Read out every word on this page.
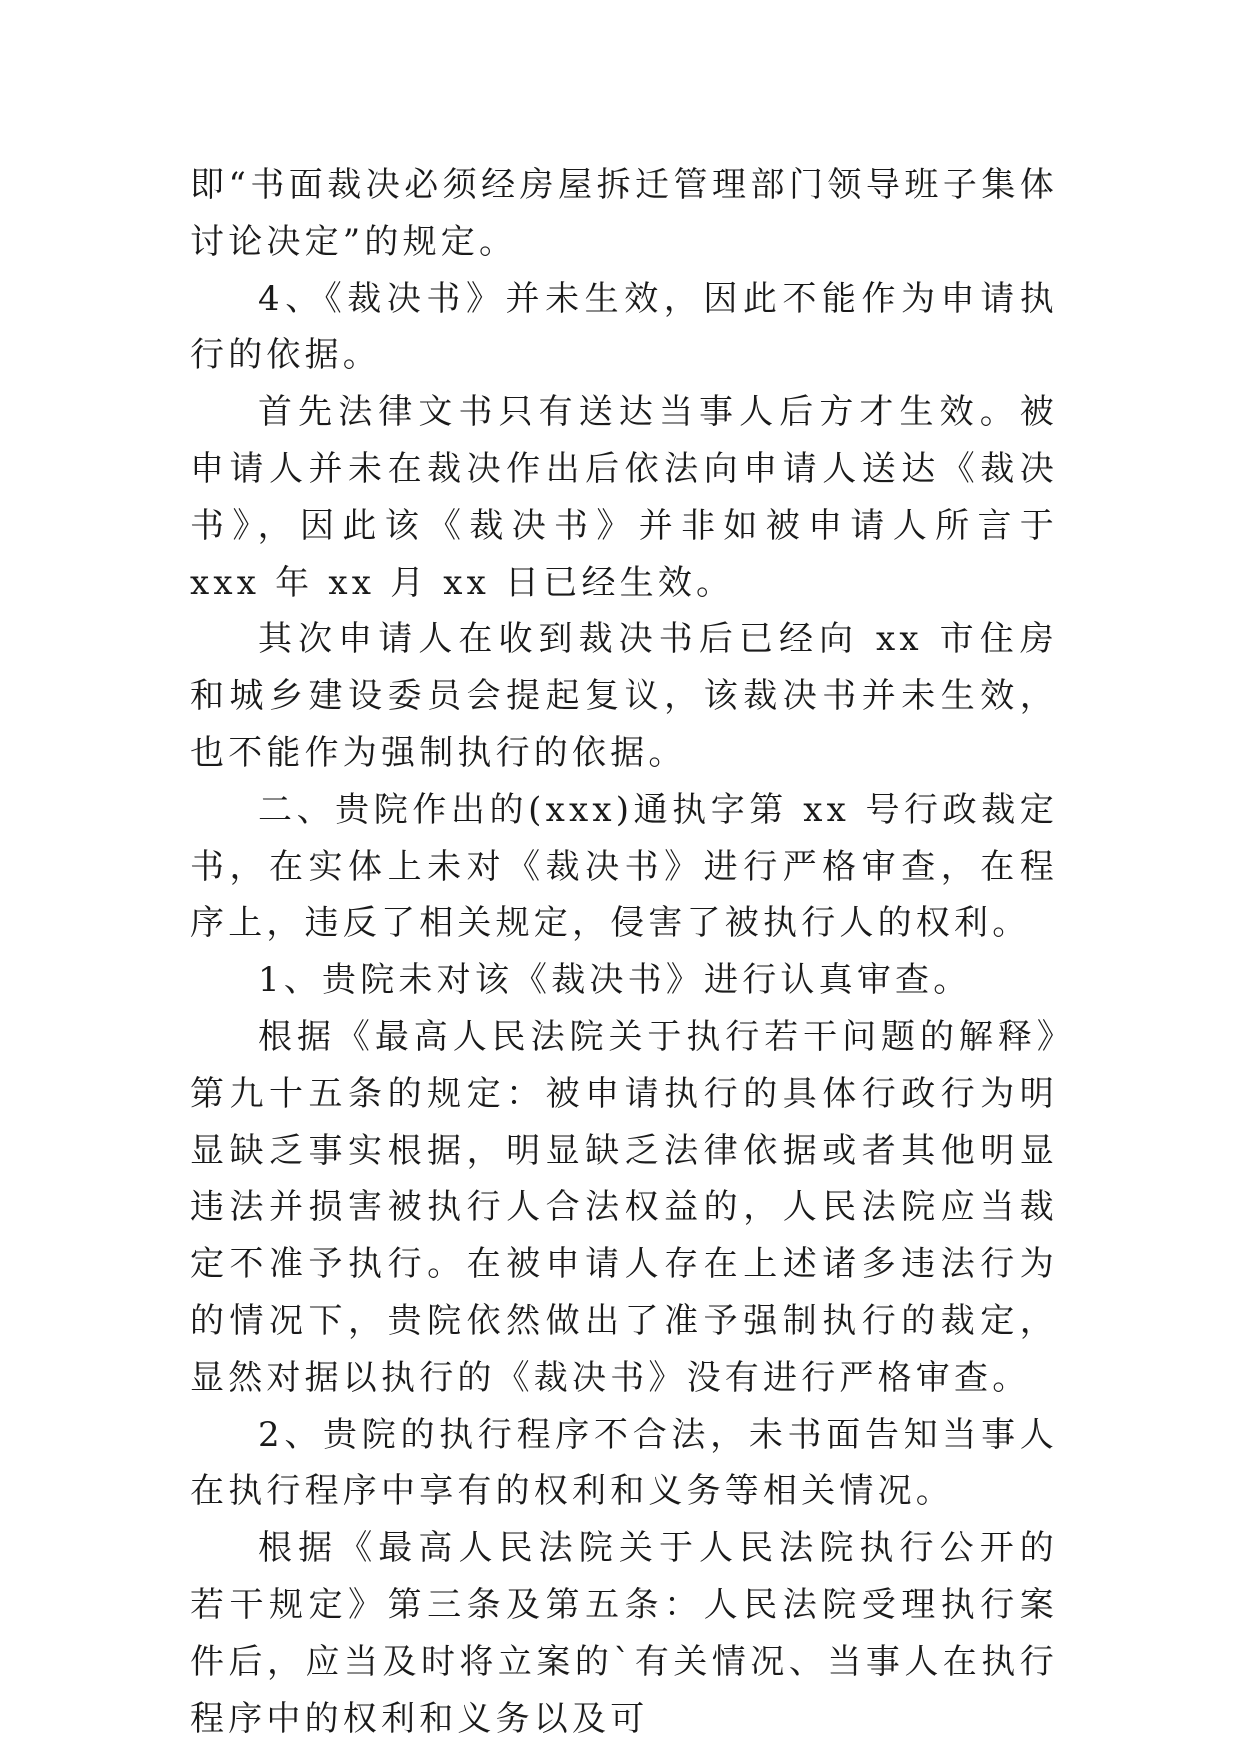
即“书面裁决必须经房屋拆迁管理部门领导班子集体讨论决定”的规定。

4、《裁决书》并未生效，因此不能作为申请执行的依据。

首先法律文书只有送达当事人后方才生效。被申请人并未在裁决作出后依法向申请人送达《裁决书》，因此该《裁决书》并非如被申请人所言于 xxx 年 xx 月 xx 日已经生效。

其次申请人在收到裁决书后已经向 xx 市住房和城乡建设委员会提起复议，该裁决书并未生效，也不能作为强制执行的依据。

二、贵院作出的(xxx)通执字第 xx 号行政裁定书，在实体上未对《裁决书》进行严格审查，在程序上，违反了相关规定，侵害了被执行人的权利。

1、贵院未对该《裁决书》进行认真审查。

根据《最高人民法院关于执行若干问题的解释》第九十五条的规定：被申请执行的具体行政行为明显缺乏事实根据，明显缺乏法律依据或者其他明显违法并损害被执行人合法权益的，人民法院应当裁定不准予执行。在被申请人存在上述诸多违法行为的情况下，贵院依然做出了准予强制执行的裁定，显然对据以执行的《裁决书》没有进行严格审查。

2、贵院的执行程序不合法，未书面告知当事人在执行程序中享有的权利和义务等相关情况。

根据《最高人民法院关于人民法院执行公开的若干规定》第三条及第五条：人民法院受理执行案件后，应当及时将立案的`有关情况、当事人在执行程序中的权利和义务以及可
